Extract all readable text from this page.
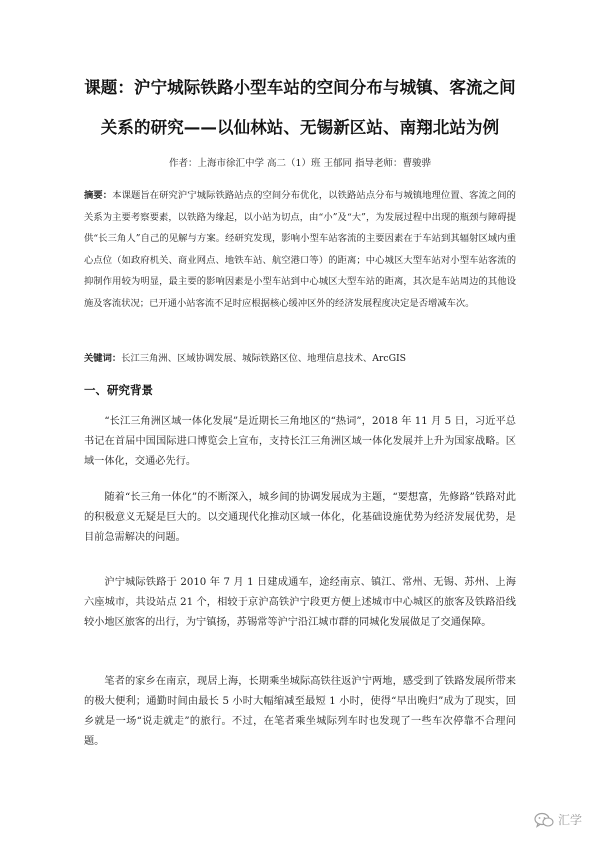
课题：沪宁城际铁路小型车站的空间分布与城镇、客流之间
关系的研究——以仙林站、无锡新区站、南翔北站为例
作者：上海市徐汇中学 高二（1）班 王郁同 指导老师：曹骏骅
摘要：本课题旨在研究沪宁城际铁路站点的空间分布优化，以铁路站点分布与城镇地理位置、客流之间的关系为主要考察要素，以铁路为缘起，以小站为切点，由“小”及“大”，为发展过程中出现的瓶颈与障碍提供“长三角人”自己的见解与方案。经研究发现，影响小型车站客流的主要因素在于车站到其辐射区域内重心点位（如政府机关、商业网点、地铁车站、航空港口等）的距离；中心城区大型车站对小型车站客流的抑制作用较为明显，最主要的影响因素是小型车站到中心城区大型车站的距离，其次是车站周边的其他设施及客流状况；已开通小站客流不足时应根据核心缓冲区外的经济发展程度决定是否增减车次。
关键词：长江三角洲、区域协调发展、城际铁路区位、地理信息技术、ArcGIS
一、研究背景

“长江三角洲区域一体化发展”是近期长三角地区的“热词”，2018 年 11 月 5 日，习近平总书记在首届中国国际进口博览会上宣布，支持长江三角洲区域一体化发展并上升为国家战略。区域一体化，交通必先行。

随着“长三角一体化”的不断深入，城乡间的协调发展成为主题，“要想富，先修路”铁路对此的积极意义无疑是巨大的。以交通现代化推动区域一体化，化基础设施优势为经济发展优势，是目前急需解决的问题。

沪宁城际铁路于 2010 年 7 月 1 日建成通车，途经南京、镇江、常州、无锡、苏州、上海六座城市，共设站点 21 个，相较于京沪高铁沪宁段更方便上述城市中心城区的旅客及铁路沿线较小地区旅客的出行，为宁镇扬，苏锡常等沪宁沿江城市群的同城化发展做足了交通保障。

笔者的家乡在南京，现居上海，长期乘坐城际高铁往返沪宁两地，感受到了铁路发展所带来的极大便利；通勤时间由最长 5 小时大幅缩减至最短 1 小时，使得“早出晚归”成为了现实，回乡就是一场“说走就走”的旅行。不过，在笔者乘坐城际列车时也发现了一些车次停靠不合理问题。

汇学
